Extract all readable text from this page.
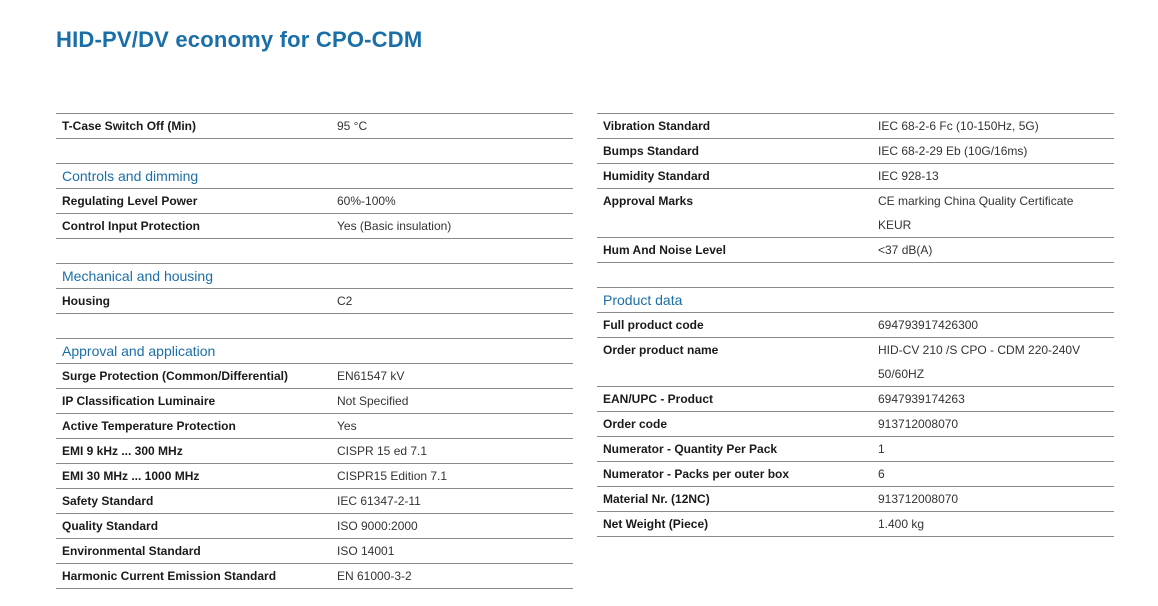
HID-PV/DV economy for CPO-CDM
T-Case Switch Off (Min)	95 °C
Controls and dimming
Regulating Level Power	60%-100%
Control Input Protection	Yes (Basic insulation)
Mechanical and housing
Housing	C2
Approval and application
Surge Protection (Common/Differential)	EN61547 kV
IP Classification Luminaire	Not Specified
Active Temperature Protection	Yes
EMI 9 kHz ... 300 MHz	CISPR 15 ed 7.1
EMI 30 MHz ... 1000 MHz	CISPR15 Edition 7.1
Safety Standard	IEC 61347-2-11
Quality Standard	ISO 9000:2000
Environmental Standard	ISO 14001
Harmonic Current Emission Standard	EN 61000-3-2
Vibration Standard	IEC 68-2-6 Fc (10-150Hz, 5G)
Bumps Standard	IEC 68-2-29 Eb (10G/16ms)
Humidity Standard	IEC 928-13
Approval Marks	CE marking China Quality Certificate
KEUR
Hum And Noise Level	<37 dB(A)
Product data
Full product code	694793917426300
Order product name	HID-CV 210 /S CPO - CDM 220-240V
50/60HZ
EAN/UPC - Product	6947939174263
Order code	913712008070
Numerator - Quantity Per Pack	1
Numerator - Packs per outer box	6
Material Nr. (12NC)	913712008070
Net Weight (Piece)	1.400 kg
